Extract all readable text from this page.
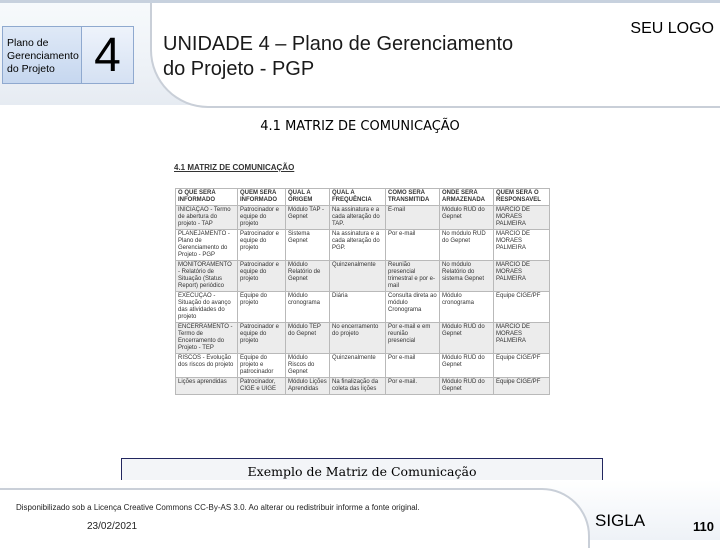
Plano de Gerenciamento do Projeto 4	UNIDADE 4 – Plano de Gerenciamento do Projeto - PGP
SEU LOGO
4.1 MATRIZ DE COMUNICAÇÃO
4.1 MATRIZ DE COMUNICAÇÃO
O QUE SERÁ INFORMADO	QUEM SERÁ INFORMADO	QUAL A ORIGEM	QUAL A FREQUÊNCIA	COMO SERÁ TRANSMITIDA	ONDE SERÁ ARMAZENADA	QUEM SERÁ O RESPONSAVEL
INICIAÇÃO - Termo de abertura do projeto - TAP	Patrocinador e equipe do projeto	Módulo TAP - Gepnet	Na assinatura e a cada alteração do TAP.	E-mail	Módulo RUD do Gepnet	MARCIO DE MORAES PALMEIRA
PLANEJAMENTO - Plano de Gerenciamento do Projeto - PGP	Patrocinador e equipe do projeto	Sistema Gepnet	Na assinatura e a cada alteração do PGP.	Por e-mail	No módulo RUD do Gepnet	MARCIO DE MORAES PALMEIRA
MONITORAMENTO - Relatório de Situação (Status Report) periódico	Patrocinador e equipe do projeto	Módulo Relatório de Gepnet	Quinzenalmente	Reunião presencial trimestral e por e-mail	No módulo Relatório do sistema Gepnet	MARCIO DE MORAES PALMEIRA
EXECUÇÃO - Situação do avanço das atividades do projeto	Equipe do projeto	Módulo cronograma	Diária	Consulta direta ao módulo Cronograma	Módulo cronograma	Equipe CIGE/PF
ENCERRAMENTO - Termo de Encerramento do Projeto - TEP	Patrocinador e equipe do projeto	Módulo TEP do Gepnet	No encerramento do projeto	Por e-mail e em reunião presencial	Módulo RUD do Gepnet	MARCIO DE MORAES PALMEIRA
RISCOS - Evolução dos riscos do projeto	Equipe do projeto e patrocinador	Módulo Riscos do Gepnet	Quinzenalmente	Por e-mail	Módulo RUD do Gepnet	Equipe CIGE/PF
Lições aprendidas	Patrocinador, CIGE e UIGE	Módulo Lições Aprendidas	Na finalização da coleta das lições	Por e-mail.	Módulo RUD do Gepnet	Equipe CIGE/PF
Exemplo de Matriz de Comunicação
Disponibilizado sob a Licença Creative Commons CC-By-AS 3.0. Ao alterar ou redistribuir informe a fonte original.
23/02/2021	SIGLA	110
